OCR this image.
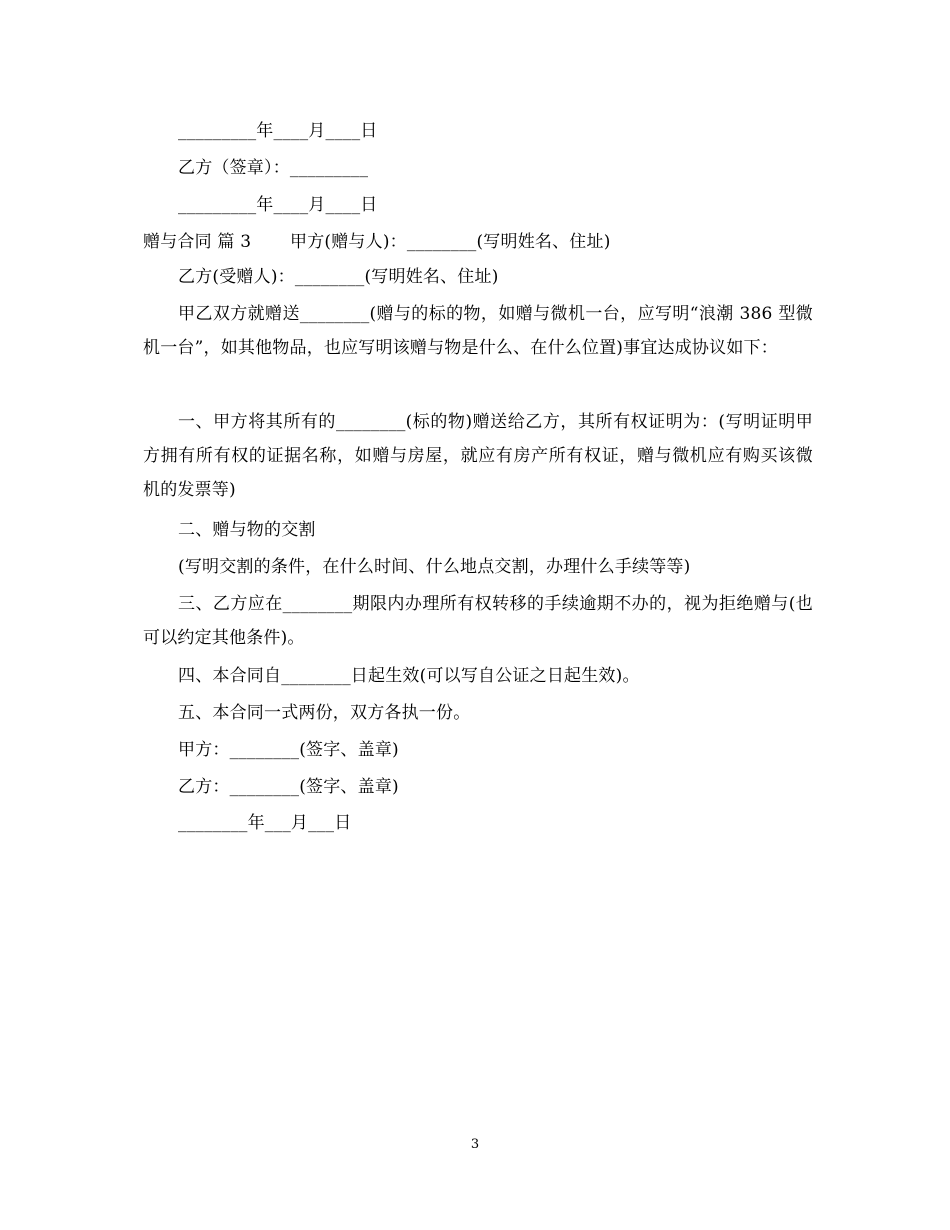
_________年____月____日
乙方（签章）：_________
_________年____月____日
赠与合同 篇 3 甲方(赠与人)：________(写明姓名、住址)
乙方(受赠人)：________(写明姓名、住址)
甲乙双方就赠送________(赠与的标的物，如赠与微机一台，应写明“浪潮 386 型微机一台”，如其他物品，也应写明该赠与物是什么、在什么位置)事宜达成协议如下：
一、甲方将其所有的________(标的物)赠送给乙方，其所有权证明为：(写明证明甲方拥有所有权的证据名称，如赠与房屋，就应有房产所有权证，赠与微机应有购买该微机的发票等)
二、赠与物的交割
(写明交割的条件，在什么时间、什么地点交割，办理什么手续等等)
三、乙方应在________期限内办理所有权转移的手续逾期不办的，视为拒绝赠与(也可以约定其他条件)。
四、本合同自________日起生效(可以写自公证之日起生效)。
五、本合同一式两份，双方各执一份。
甲方：________(签字、盖章)
乙方：________(签字、盖章)
________年___月___日
3
